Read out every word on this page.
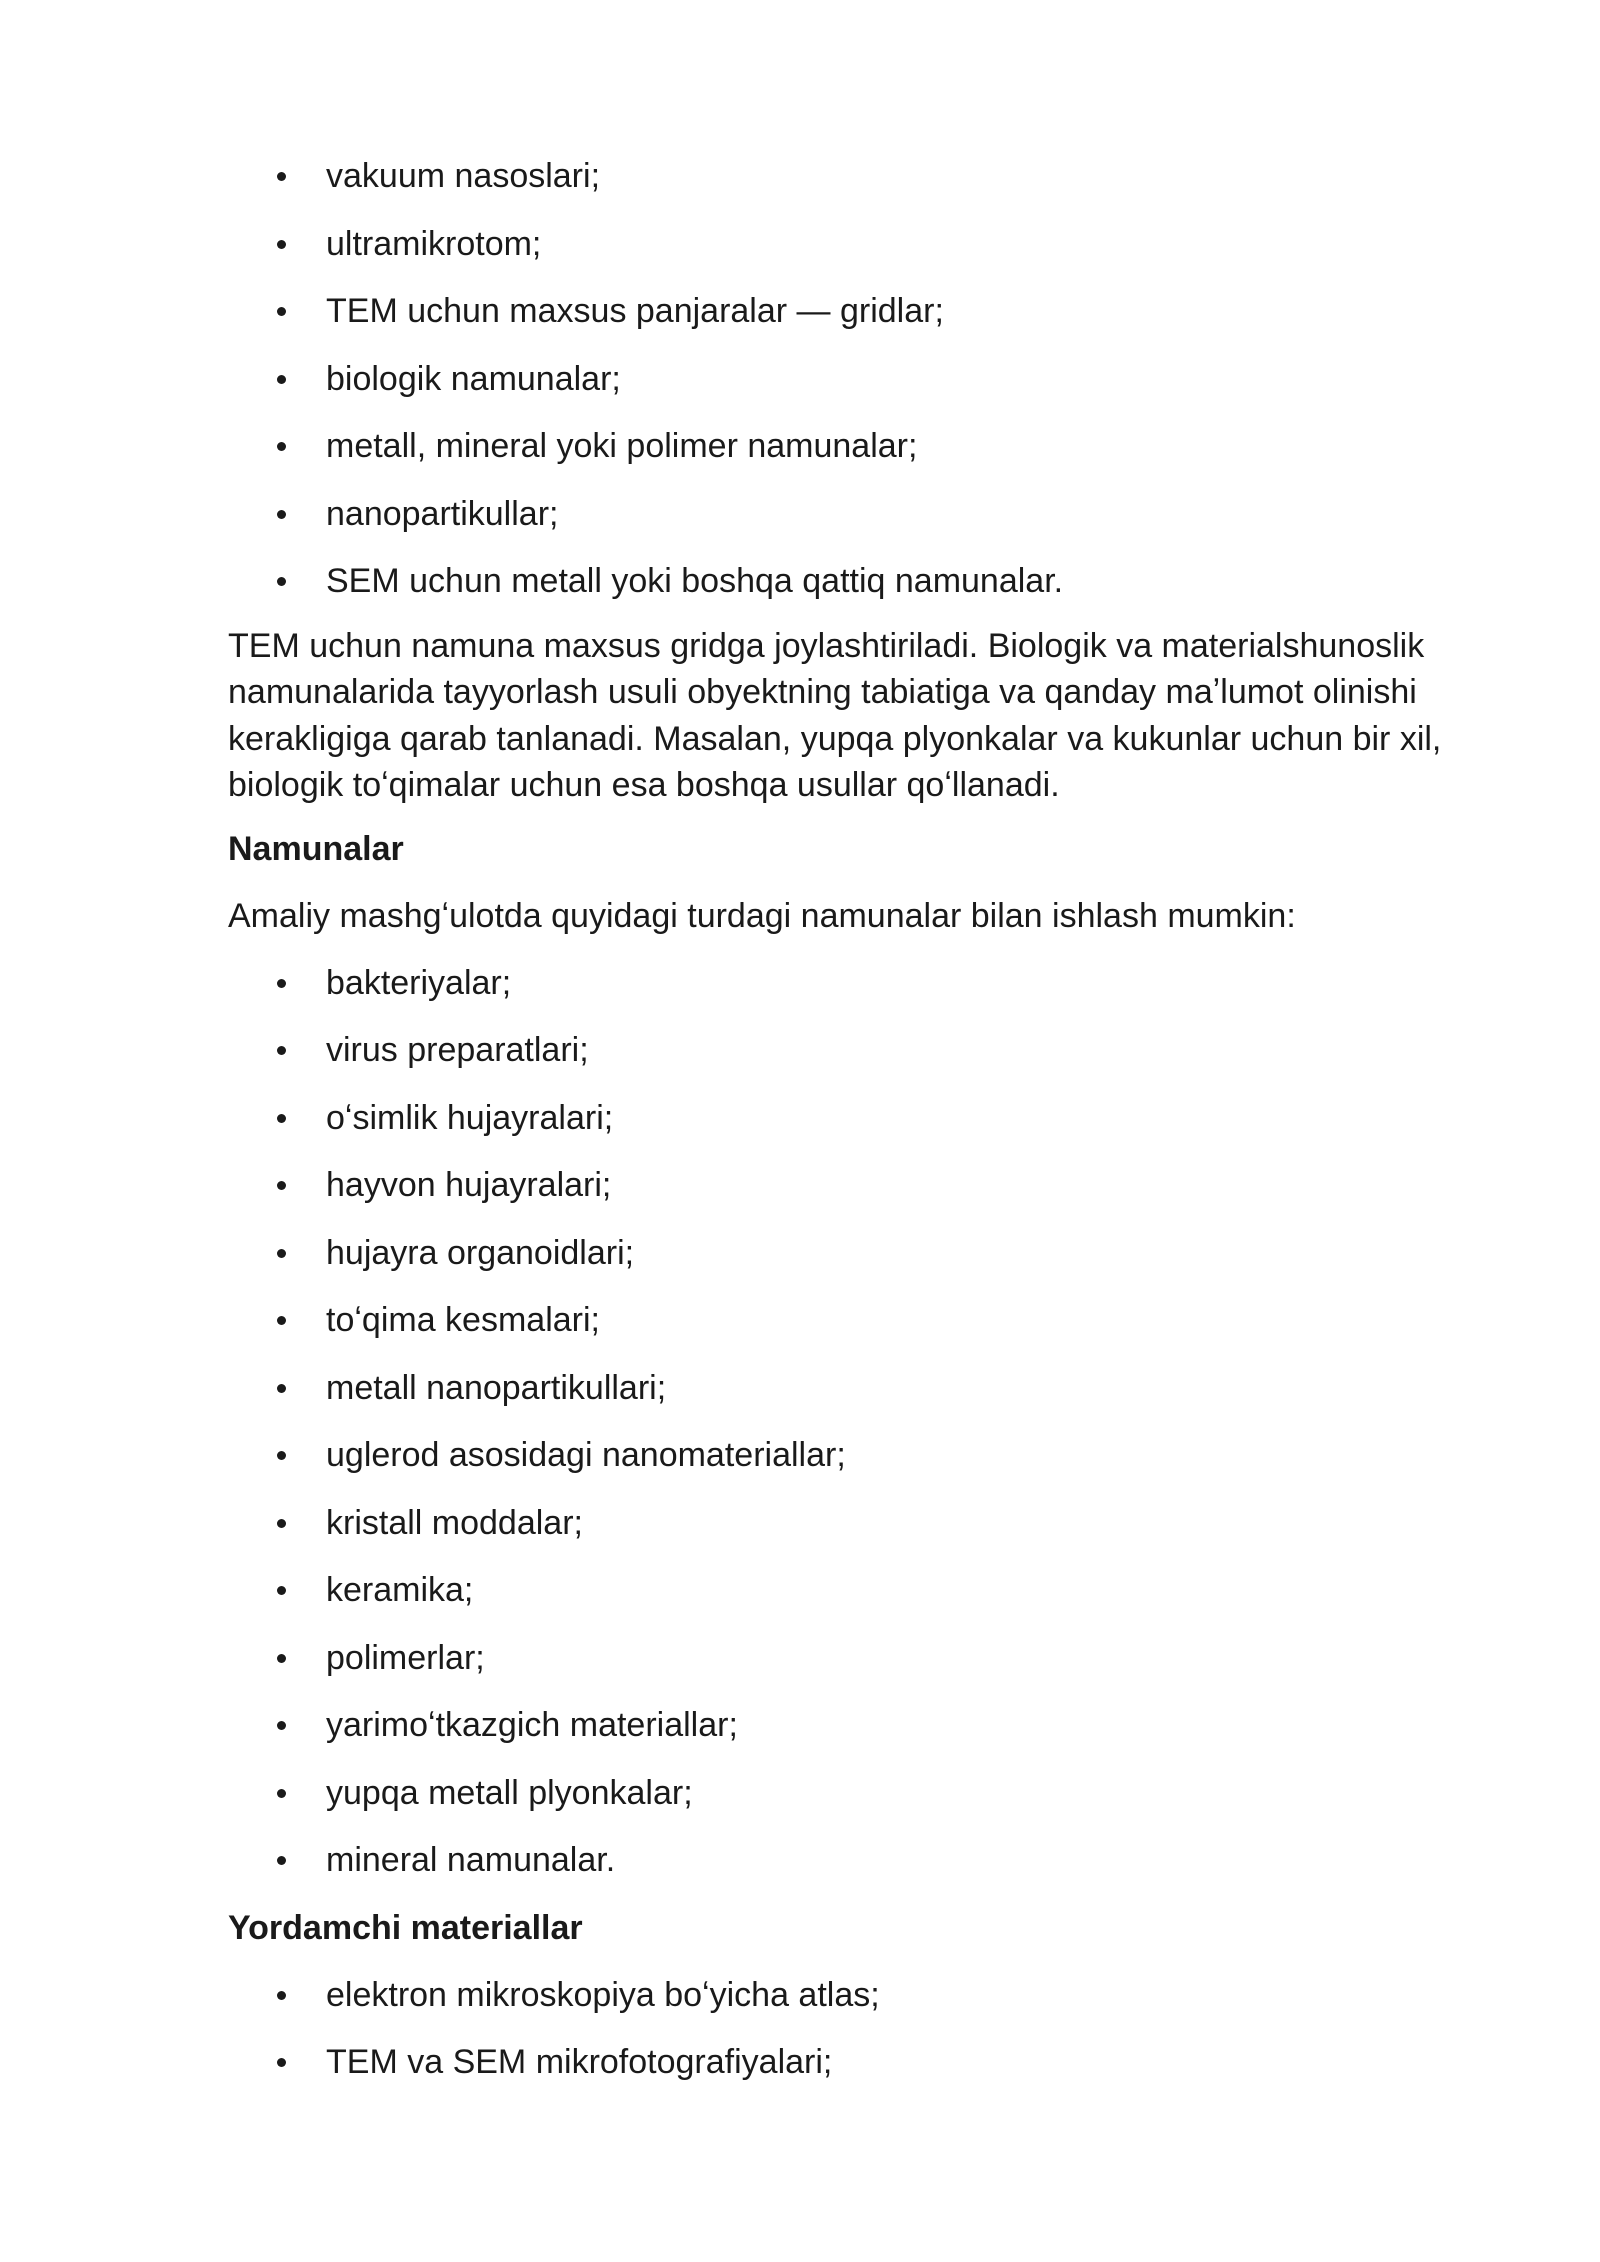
vakuum nasoslari;
ultramikrotom;
TEM uchun maxsus panjaralar — gridlar;
biologik namunalar;
metall, mineral yoki polimer namunalar;
nanopartikullar;
SEM uchun metall yoki boshqa qattiq namunalar.

TEM uchun namuna maxsus gridga joylashtiriladi. Biologik va materialshunoslik namunalarida tayyorlash usuli obyektning tabiatiga va qanday maʼlumot olinishi kerakligiga qarab tanlanadi. Masalan, yupqa plyonkalar va kukunlar uchun bir xil, biologik toʻqimalar uchun esa boshqa usullar qoʻllanadi.

Namunalar

Amaliy mashgʻulotda quyidagi turdagi namunalar bilan ishlash mumkin:

bakteriyalar;
virus preparatlari;
oʻsimlik hujayralari;
hayvon hujayralari;
hujayra organoidlari;
toʻqima kesmalari;
metall nanopartikullari;
uglerod asosidagi nanomateriallar;
kristall moddalar;
keramika;
polimerlar;
yarimoʻtkazgich materiallar;
yupqa metall plyonkalar;
mineral namunalar.
Yordamchi materiallar
elektron mikroskopiya boʻyicha atlas;
TEM va SEM mikrofotografiyalari;
